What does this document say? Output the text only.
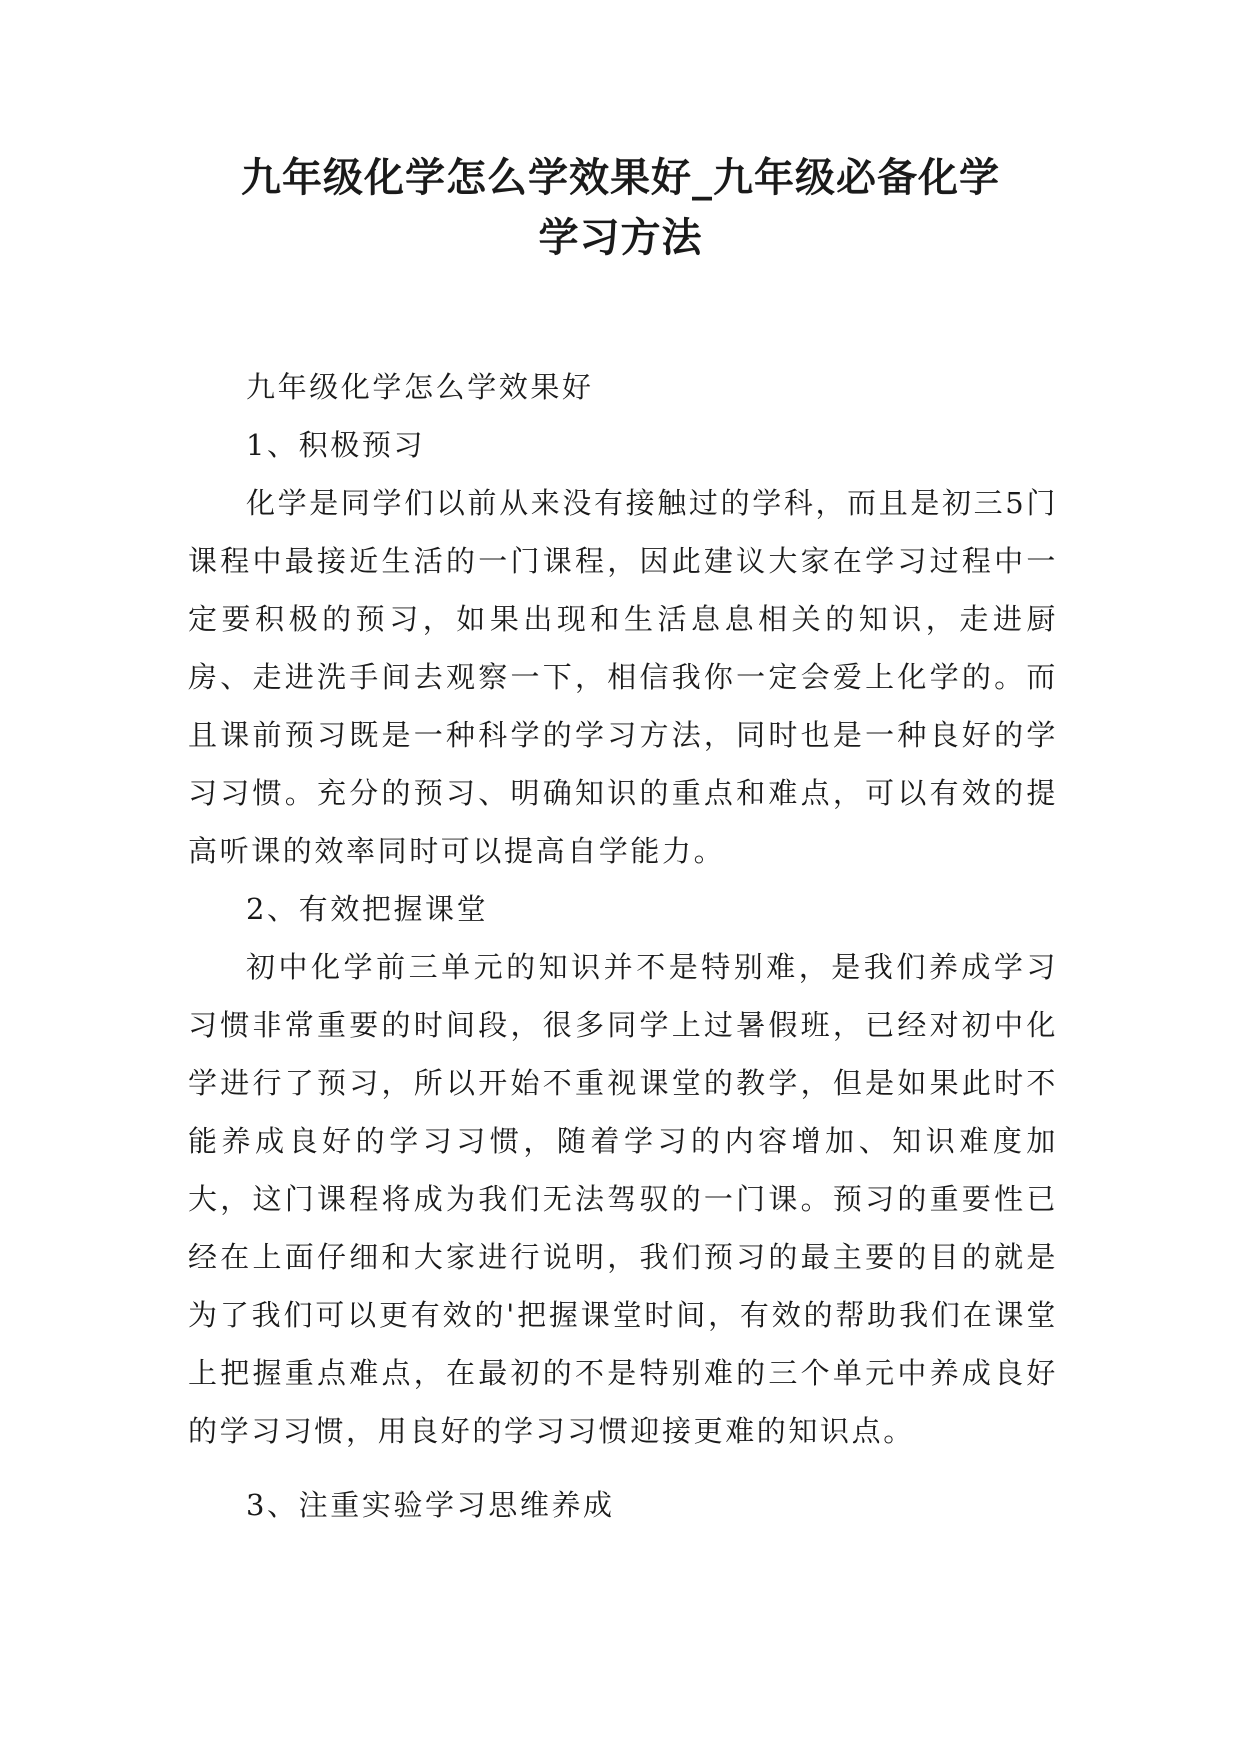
九年级化学怎么学效果好_九年级必备化学
学习方法

九年级化学怎么学效果好

1、积极预习

化学是同学们以前从来没有接触过的学科，而且是初三5门课程中最接近生活的一门课程，因此建议大家在学习过程中一定要积极的预习，如果出现和生活息息相关的知识，走进厨房、走进洗手间去观察一下，相信我你一定会爱上化学的。而且课前预习既是一种科学的学习方法，同时也是一种良好的学习习惯。充分的预习、明确知识的重点和难点，可以有效的提高听课的效率同时可以提高自学能力。

2、有效把握课堂

初中化学前三单元的知识并不是特别难，是我们养成学习习惯非常重要的时间段，很多同学上过暑假班，已经对初中化学进行了预习，所以开始不重视课堂的教学，但是如果此时不能养成良好的学习习惯，随着学习的内容增加、知识难度加大，这门课程将成为我们无法驾驭的一门课。预习的重要性已经在上面仔细和大家进行说明，我们预习的最主要的目的就是为了我们可以更有效的'把握课堂时间，有效的帮助我们在课堂上把握重点难点，在最初的不是特别难的三个单元中养成良好的学习习惯，用良好的学习习惯迎接更难的知识点。

3、注重实验学习思维养成
